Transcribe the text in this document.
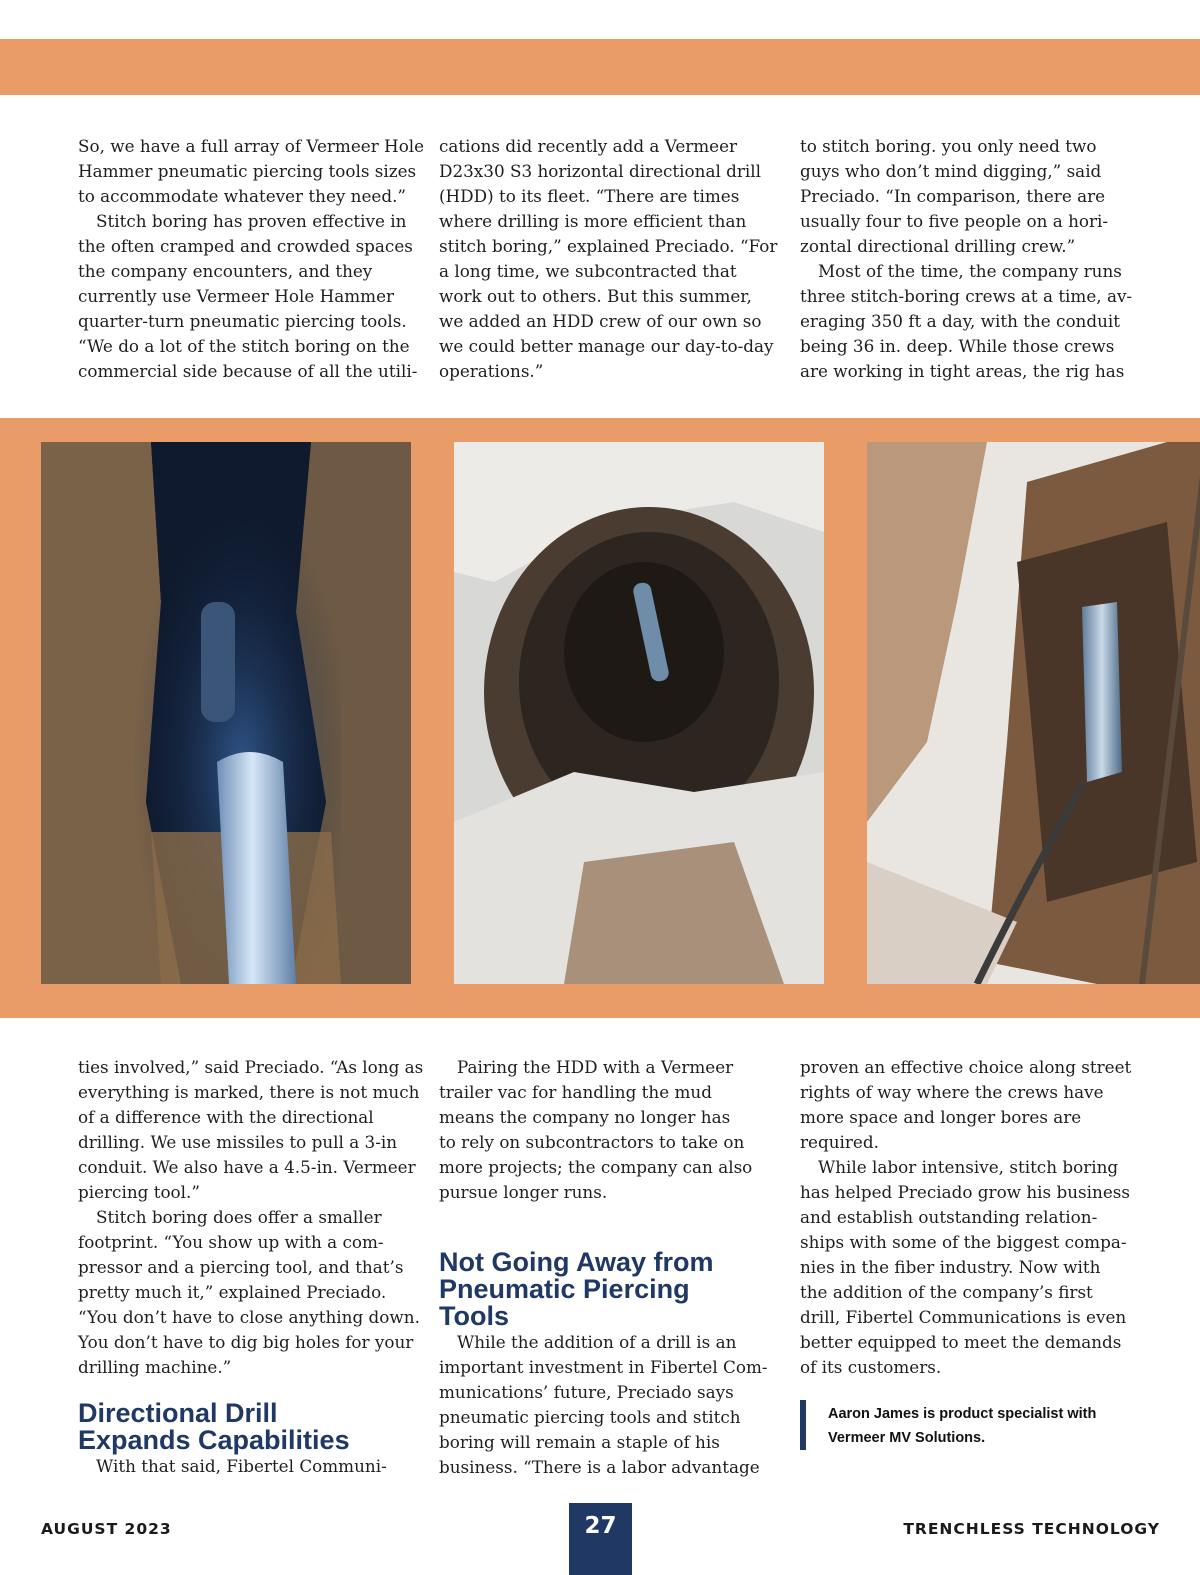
So, we have a full array of Vermeer Hole

Hammer pneumatic piercing tools sizes

to accommodate whatever they need.”

Stitch boring has proven effective in

the often cramped and crowded spaces

the company encounters, and they

currently use Vermeer Hole Hammer

quarter-turn pneumatic piercing tools.

“We do a lot of the stitch boring on the

commercial side because of all the utili-

cations did recently add a Vermeer

D23x30 S3 horizontal directional drill

(HDD) to its fleet. “There are times

where drilling is more efficient than

stitch boring,” explained Preciado. “For

a long time, we subcontracted that

work out to others. But this summer,

we added an HDD crew of our own so

we could better manage our day-to-day

operations.”

to stitch boring. you only need two

guys who don’t mind digging,” said

Preciado. “In comparison, there are

usually four to five people on a hori-

zontal directional drilling crew.”

Most of the time, the company runs

three stitch-boring crews at a time, av-

eraging 350 ft a day, with the conduit

being 36 in. deep. While those crews

are working in tight areas, the rig has

ties involved,” said Preciado. “As long as

everything is marked, there is not much

of a difference with the directional

drilling. We use missiles to pull a 3-in

conduit. We also have a 4.5-in. Vermeer

piercing tool.”

Stitch boring does offer a smaller

footprint. “You show up with a com-

pressor and a piercing tool, and that’s

pretty much it,” explained Preciado.

“You don’t have to close anything down.

You don’t have to dig big holes for your

drilling machine.”

Directional Drill
Expands Capabilities

With that said, Fibertel Communi-

Pairing the HDD with a Vermeer

trailer vac for handling the mud

means the company no longer has

to rely on subcontractors to take on

more projects; the company can also

pursue longer runs.

Not Going Away from
Pneumatic Piercing
Tools

While the addition of a drill is an

important investment in Fibertel Com-

munications’ future, Preciado says

pneumatic piercing tools and stitch

boring will remain a staple of his

business. “There is a labor advantage

proven an effective choice along street

rights of way where the crews have

more space and longer bores are

required.

While labor intensive, stitch boring

has helped Preciado grow his business

and establish outstanding relation-

ships with some of the biggest compa-

nies in the fiber industry. Now with

the addition of the company’s first

drill, Fibertel Communications is even

better equipped to meet the demands

of its customers.

Aaron James is product specialist with
Vermeer MV Solutions.
AUGUST 2023	27	TRENCHLESS TECHNOLOGY
